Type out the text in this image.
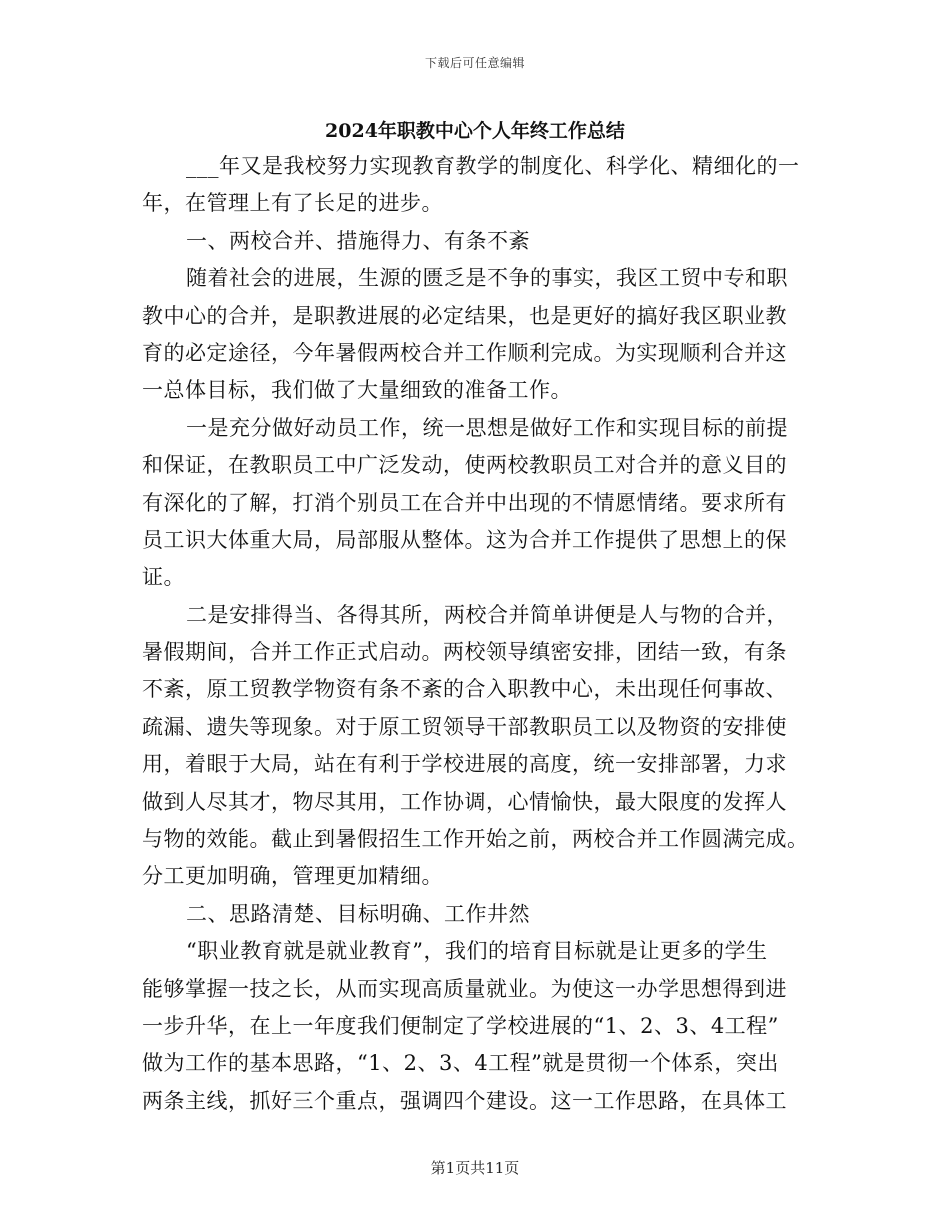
下载后可任意编辑
2024年职教中心个人年终工作总结
___年又是我校努力实现教育教学的制度化、科学化、精细化的一
年，在管理上有了长足的进步。
一、两校合并、措施得力、有条不紊
随着社会的进展，生源的匮乏是不争的事实，我区工贸中专和职
教中心的合并，是职教进展的必定结果，也是更好的搞好我区职业教
育的必定途径，今年暑假两校合并工作顺利完成。为实现顺利合并这
一总体目标，我们做了大量细致的准备工作。
一是充分做好动员工作，统一思想是做好工作和实现目标的前提
和保证，在教职员工中广泛发动，使两校教职员工对合并的意义目的
有深化的了解，打消个别员工在合并中出现的不情愿情绪。要求所有
员工识大体重大局，局部服从整体。这为合并工作提供了思想上的保
证。
二是安排得当、各得其所，两校合并简单讲便是人与物的合并，
暑假期间，合并工作正式启动。两校领导缜密安排，团结一致，有条
不紊，原工贸教学物资有条不紊的合入职教中心，未出现任何事故、
疏漏、遗失等现象。对于原工贸领导干部教职员工以及物资的安排使
用，着眼于大局，站在有利于学校进展的高度，统一安排部署，力求
做到人尽其才，物尽其用，工作协调，心情愉快，最大限度的发挥人
与物的效能。截止到暑假招生工作开始之前，两校合并工作圆满完成。
分工更加明确，管理更加精细。
二、思路清楚、目标明确、工作井然
“职业教育就是就业教育”，我们的培育目标就是让更多的学生
能够掌握一技之长，从而实现高质量就业。为使这一办学思想得到进
一步升华，在上一年度我们便制定了学校进展的“1、2、3、4工程”
做为工作的基本思路，“1、2、3、4工程”就是贯彻一个体系，突出
两条主线，抓好三个重点，强调四个建设。这一工作思路，在具体工
第1页共11页
